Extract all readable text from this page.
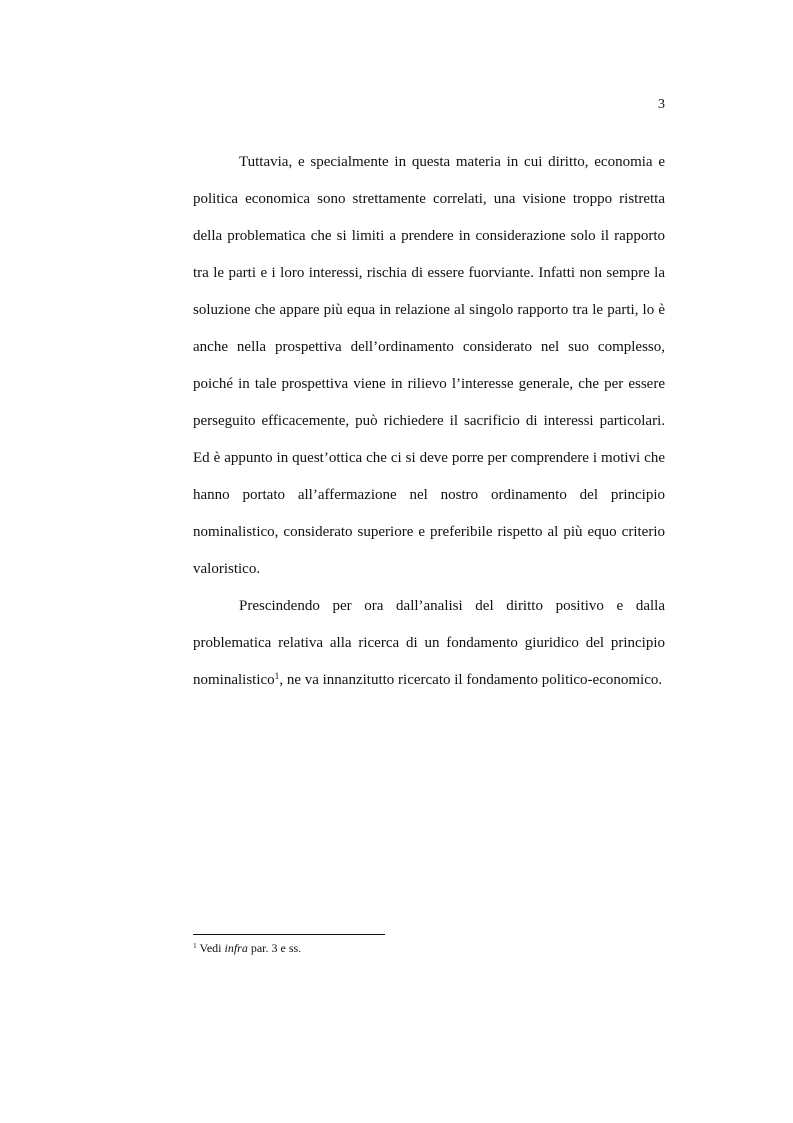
3

Tuttavia, e specialmente in questa materia in cui diritto, economia e politica economica sono strettamente correlati, una visione troppo ristretta della problematica che si limiti a prendere in considerazione solo il rapporto tra le parti e i loro interessi, rischia di essere fuorviante. Infatti non sempre la soluzione che appare più equa in relazione al singolo rapporto tra le parti, lo è anche nella prospettiva dell’ordinamento considerato nel suo complesso, poiché in tale prospettiva viene in rilievo l’interesse generale, che per essere perseguito efficacemente, può richiedere il sacrificio di interessi particolari. Ed è appunto in quest’ottica che ci si deve porre per comprendere i motivi che hanno portato all’affermazione nel nostro ordinamento del principio nominalistico, considerato superiore e preferibile rispetto al più equo criterio valoristico.

Prescindendo per ora dall’analisi del diritto positivo e dalla problematica relativa alla ricerca di un fondamento giuridico del principio nominalistico$^1$, ne va innanzitutto ricercato il fondamento politico-economico.

$^1$ Vedi infra par. 3 e ss.
